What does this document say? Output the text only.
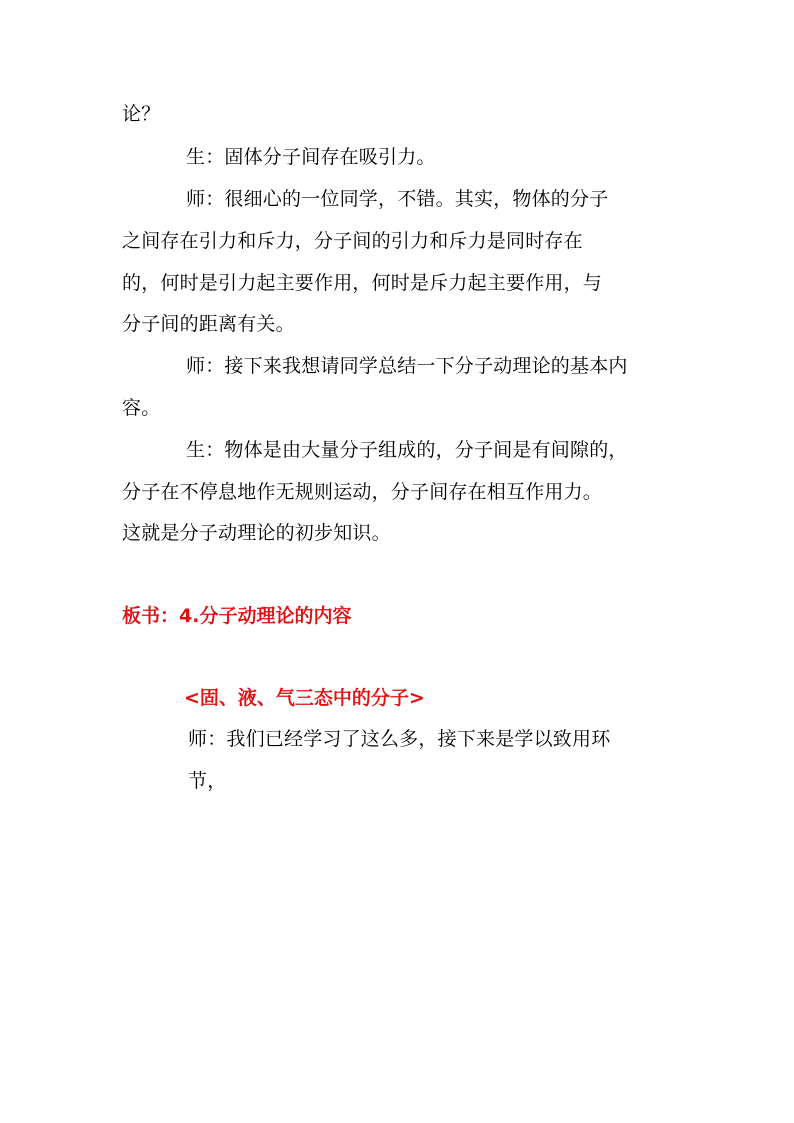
论？
生：固体分子间存在吸引力。
师：很细心的一位同学，不错。其实，物体的分子
之间存在引力和斥力，分子间的引力和斥力是同时存在
的，何时是引力起主要作用，何时是斥力起主要作用，与
分子间的距离有关。
师：接下来我想请同学总结一下分子动理论的基本内
容。
生：物体是由大量分子组成的，分子间是有间隙的，
分子在不停息地作无规则运动，分子间存在相互作用力。
这就是分子动理论的初步知识。
板书：4.分子动理论的内容
<固、液、气三态中的分子>
师：我们已经学习了这么多，接下来是学以致用环
节，
